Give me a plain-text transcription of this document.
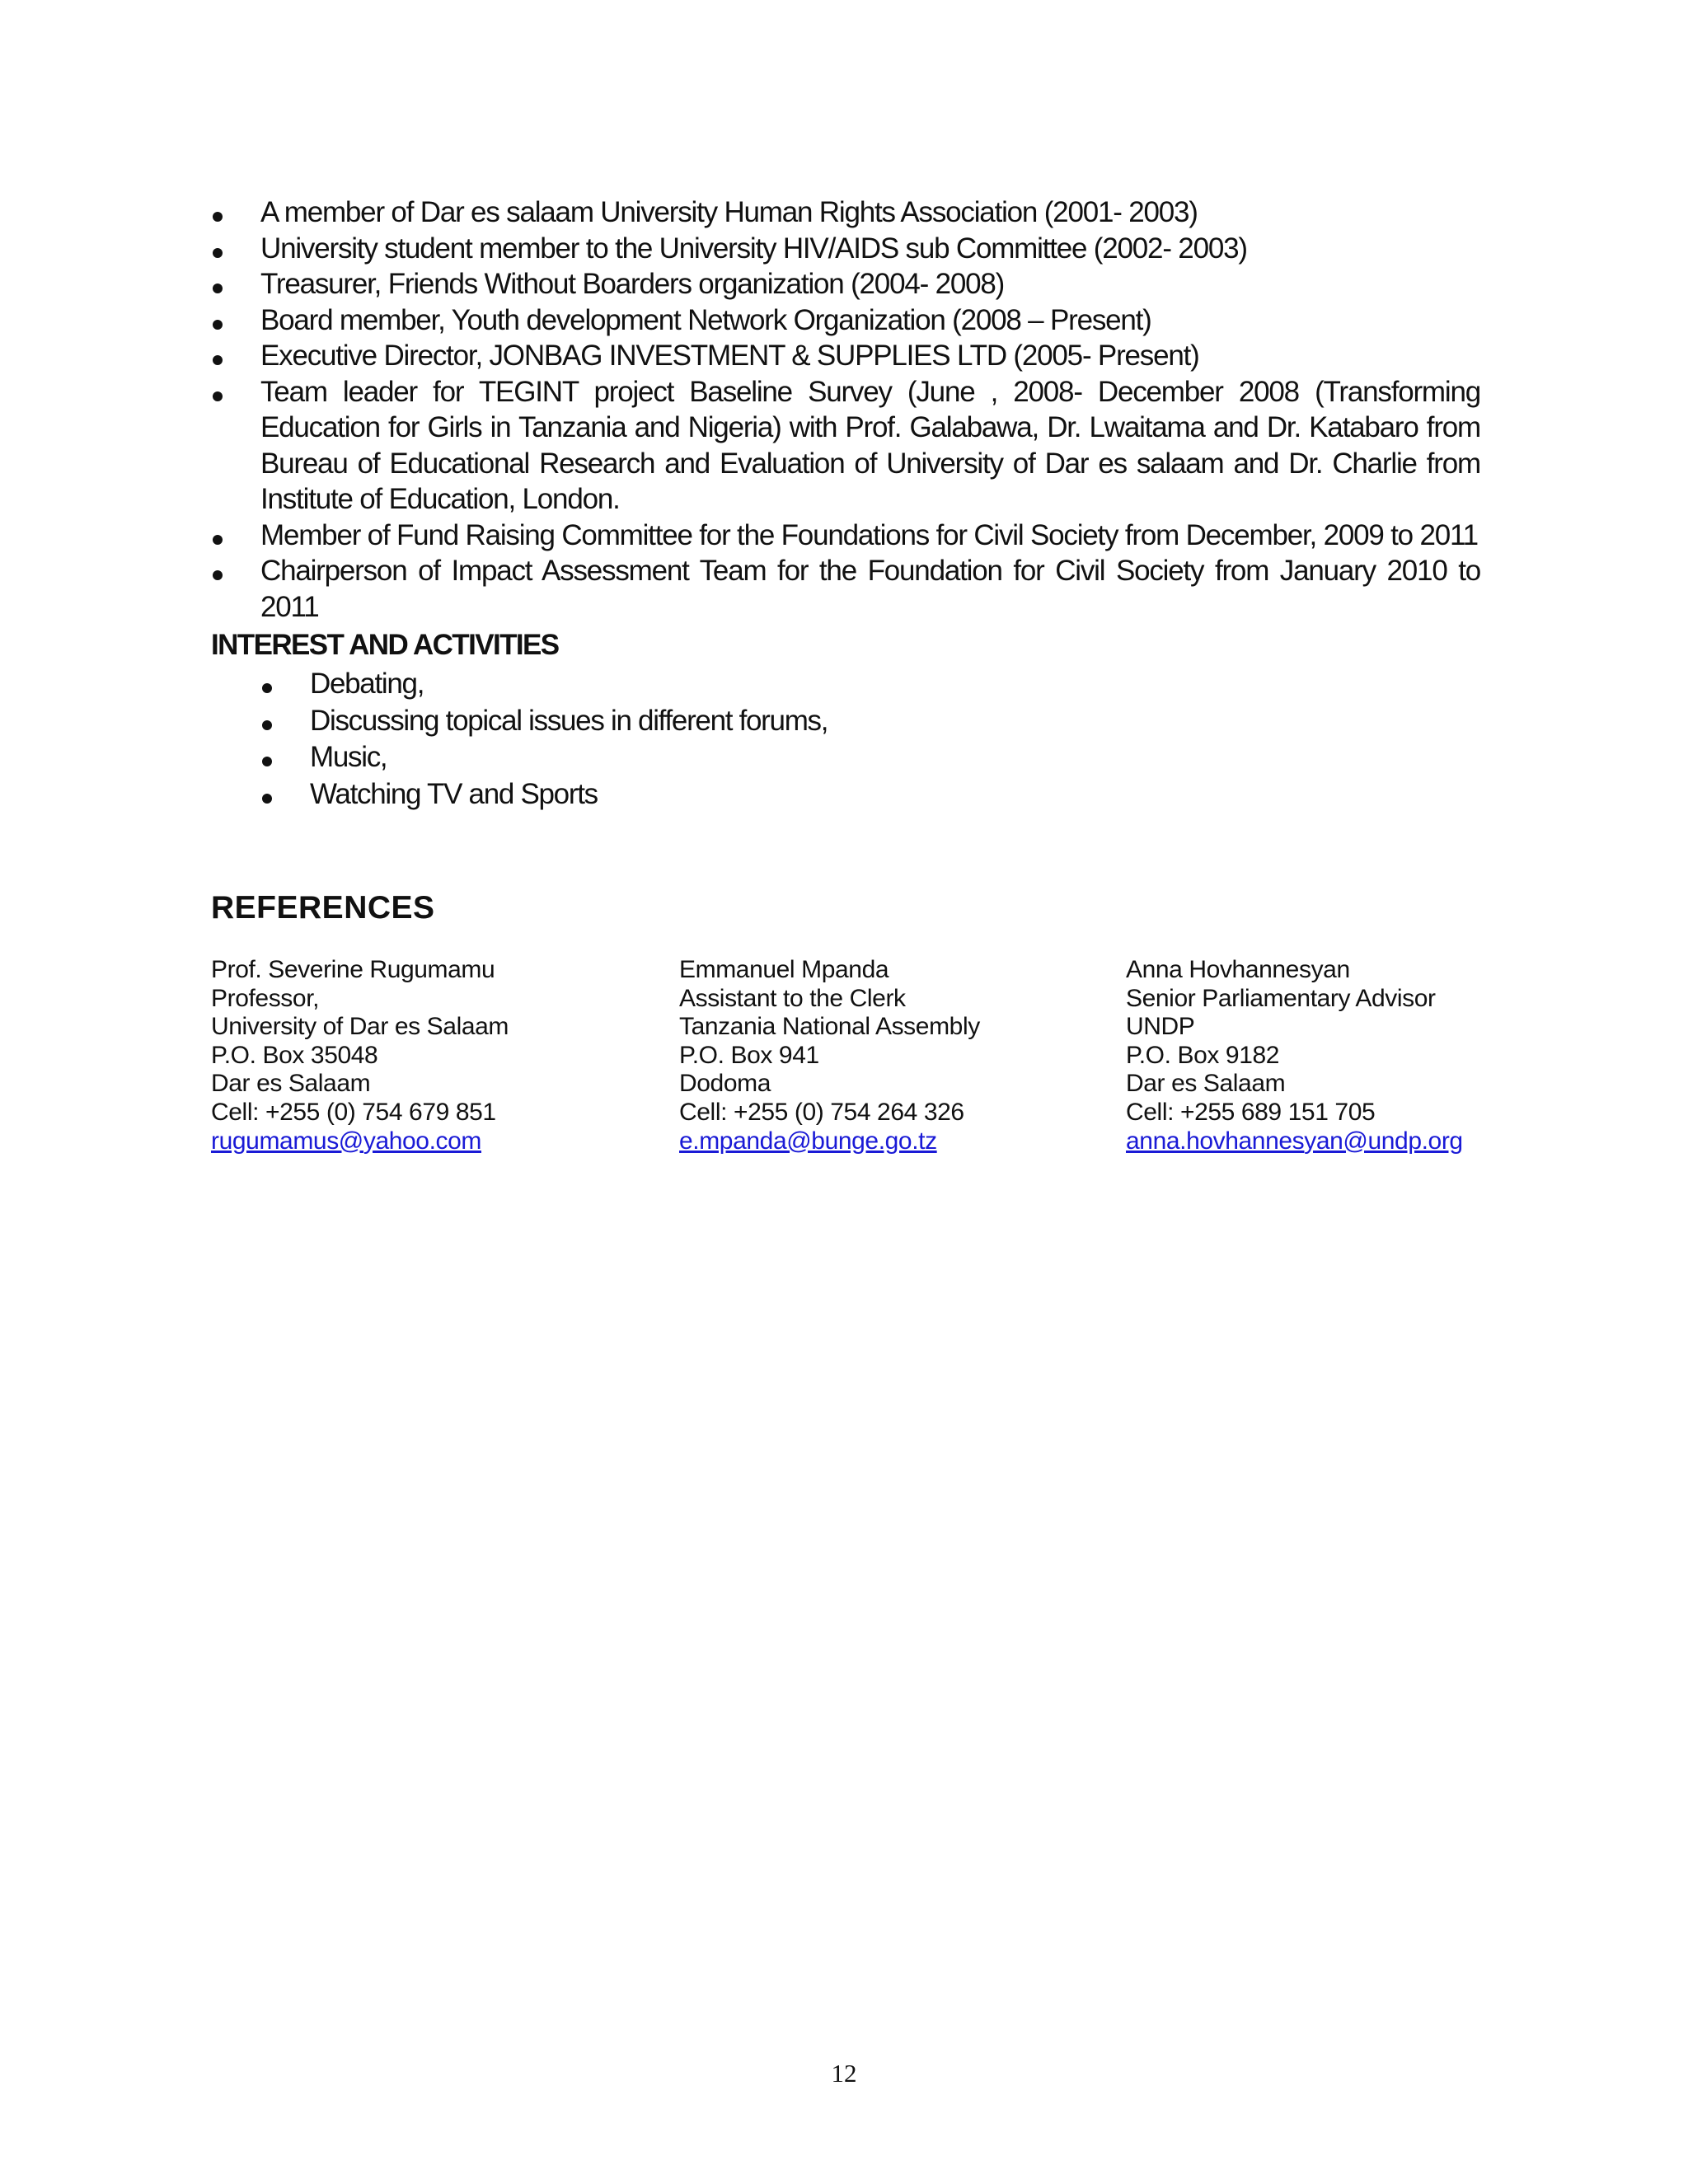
A member of Dar es salaam University Human Rights Association (2001- 2003)
University student member to the University HIV/AIDS sub Committee (2002- 2003)
Treasurer, Friends Without Boarders organization (2004- 2008)
Board member, Youth development Network Organization (2008 – Present)
Executive Director, JONBAG INVESTMENT & SUPPLIES LTD (2005- Present)
Team leader for TEGINT project Baseline Survey (June , 2008- December 2008 (Transforming Education for Girls in Tanzania and Nigeria) with Prof. Galabawa, Dr. Lwaitama and Dr. Katabaro from Bureau of Educational Research and Evaluation of University of Dar es salaam and Dr. Charlie from Institute of Education, London.
Member of Fund Raising Committee for the Foundations for Civil Society from December, 2009 to 2011
Chairperson of Impact Assessment Team for the Foundation for Civil Society from January 2010 to 2011
INTEREST AND ACTIVITIES
Debating,
Discussing topical issues in different forums,
Music,
Watching TV and Sports
REFERENCES
Prof. Severine Rugumamu
Professor,
University of Dar es Salaam
P.O. Box 35048
Dar es Salaam
Cell: +255 (0) 754 679 851
rugumamus@yahoo.com
Emmanuel Mpanda
Assistant to the Clerk
Tanzania National Assembly
P.O. Box 941
Dodoma
Cell: +255 (0) 754 264 326
e.mpanda@bunge.go.tz
Anna Hovhannesyan
Senior Parliamentary Advisor
UNDP
P.O. Box 9182
Dar es Salaam
Cell: +255 689 151 705
anna.hovhannesyan@undp.org
12
